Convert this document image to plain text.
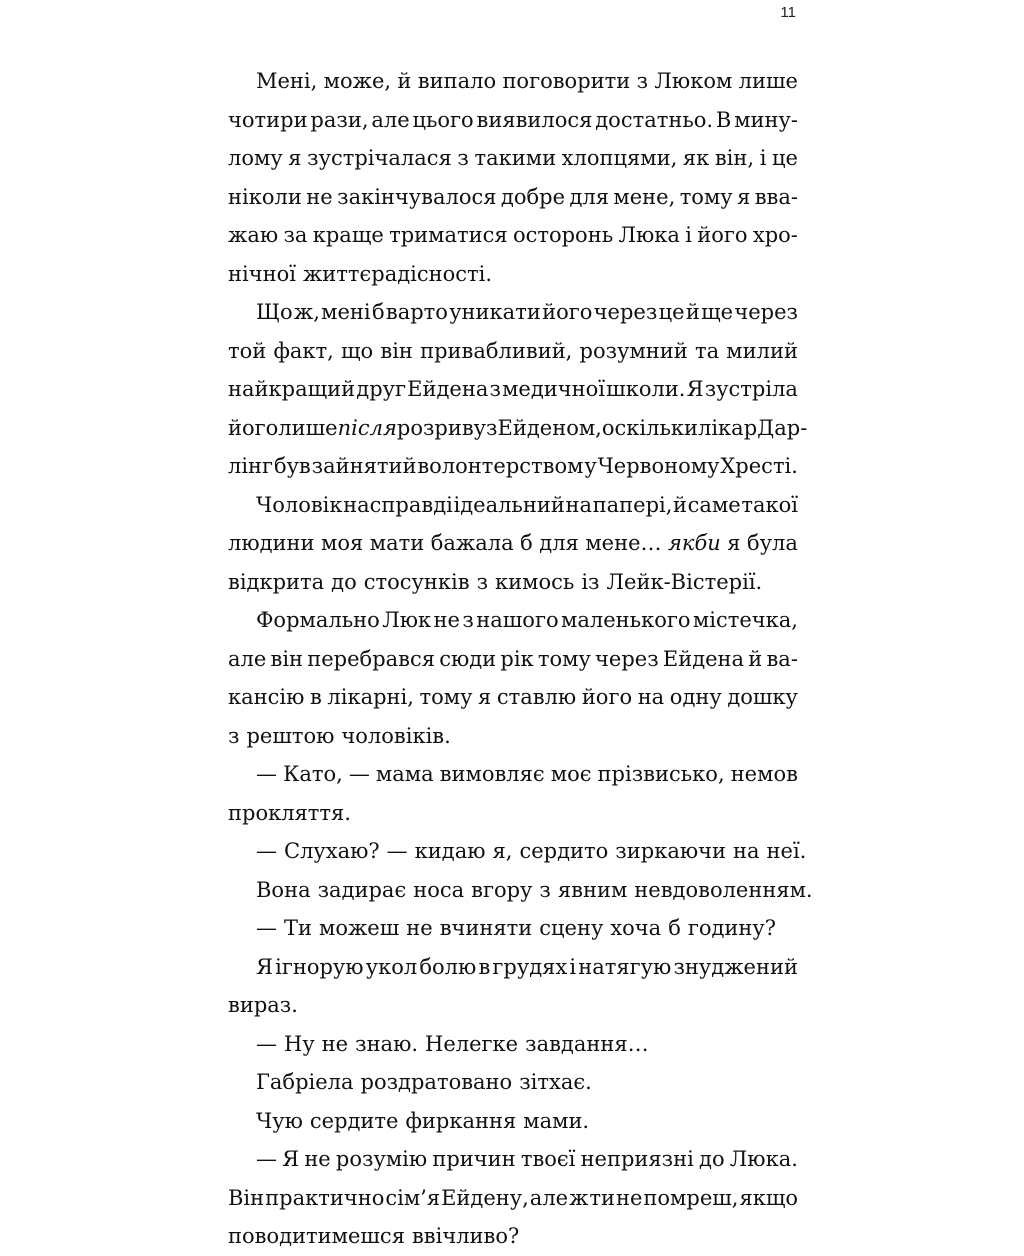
11
Мені, може, й випало поговорити з Люком лише
чотири рази, але цього виявилося достатньо. В мину-
лому я зустрічалася з такими хлопцями, як він, і це
ніколи не закінчувалося добре для мене, тому я вва-
жаю за краще триматися осторонь Люка і його хро-
нічної життєрадісності.
Що ж, мені б варто уникати його через це й ще через
той факт, що він привабливий, розумний та милий
найкращий друг Ейдена з медичної школи. Я зустріла
його лише після розриву з Ейденом, оскільки лікар Дар-
лінг був зайнятий волонтерством у Червоному Хресті.
Чоловік насправді ідеальний на папері, й саме такої
людини моя мати бажала б для мене… якби я була
відкрита до стосунків з кимось із Лейк-Вістерії.
Формально Люк не з нашого маленького містечка,
але він перебрався сюди рік тому через Ейдена й ва-
кансію в лікарні, тому я ставлю його на одну дошку
з рештою чоловіків.
— Като, — мама вимовляє моє прізвисько, немов
прокляття.
— Слухаю? — кидаю я, сердито зиркаючи на неї.
Вона задирає носа вгору з явним невдоволенням.
— Ти можеш не вчиняти сцену хоча б годину?
Я ігнорую укол болю в грудях і натягую знуджений
вираз.
— Ну не знаю. Нелегке завдання…
Габріела роздратовано зітхає.
Чую сердите фиркання мами.
— Я не розумію причин твоєї неприязні до Люка.
Він практично сім’я Ейдену, але ж ти не помреш, якщо
поводитимешся ввічливо?
